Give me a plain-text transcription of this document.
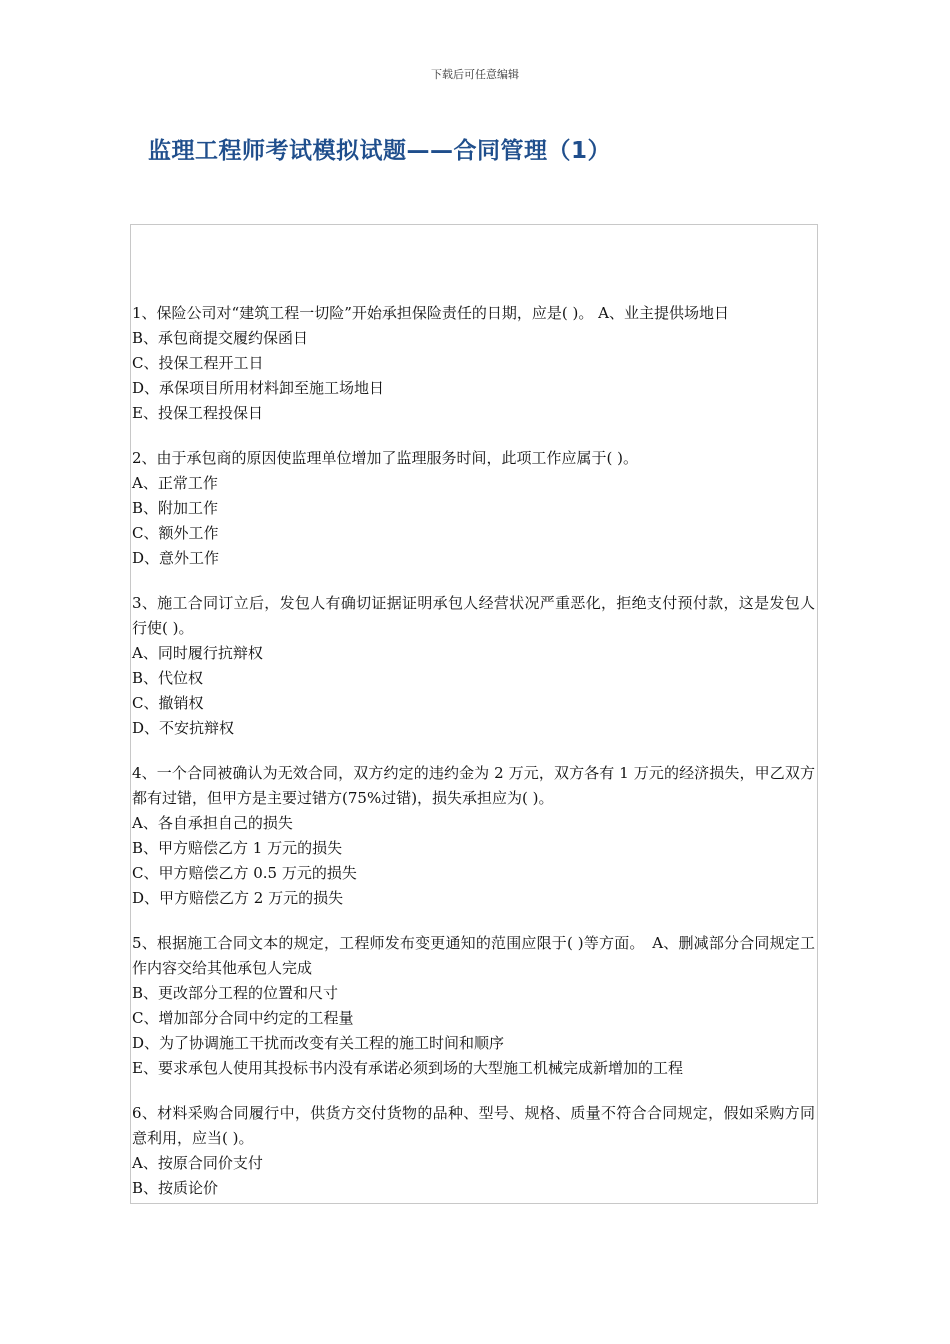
下载后可任意编辑
监理工程师考试模拟试题——合同管理（1）

1、保险公司对“建筑工程一切险”开始承担保险责任的日期，应是( )。 A、业主提供场地日

B、承包商提交履约保函日

C、投保工程开工日

D、承保项目所用材料卸至施工场地日

E、投保工程投保日

2、由于承包商的原因使监理单位增加了监理服务时间，此项工作应属于( )。

A、正常工作

B、附加工作

C、额外工作

D、意外工作

3、施工合同订立后，发包人有确切证据证明承包人经营状况严重恶化，拒绝支付预付款，这是发包人行使( )。

A、同时履行抗辩权

B、代位权

C、撤销权

D、不安抗辩权

4、一个合同被确认为无效合同，双方约定的违约金为 2 万元，双方各有 1 万元的经济损失，甲乙双方都有过错，但甲方是主要过错方(75%过错)，损失承担应为( )。

A、各自承担自己的损失

B、甲方赔偿乙方 1 万元的损失

C、甲方赔偿乙方 0.5 万元的损失

D、甲方赔偿乙方 2 万元的损失

5、根据施工合同文本的规定，工程师发布变更通知的范围应限于( )等方面。　A、删减部分合同规定工作内容交给其他承包人完成

B、更改部分工程的位置和尺寸

C、增加部分合同中约定的工程量

D、为了协调施工干扰而改变有关工程的施工时间和顺序

E、要求承包人使用其投标书内没有承诺必须到场的大型施工机械完成新增加的工程

6、材料采购合同履行中，供货方交付货物的品种、型号、规格、质量不符合合同规定，假如采购方同意利用，应当( )。

A、按原合同价支付

B、按质论价
